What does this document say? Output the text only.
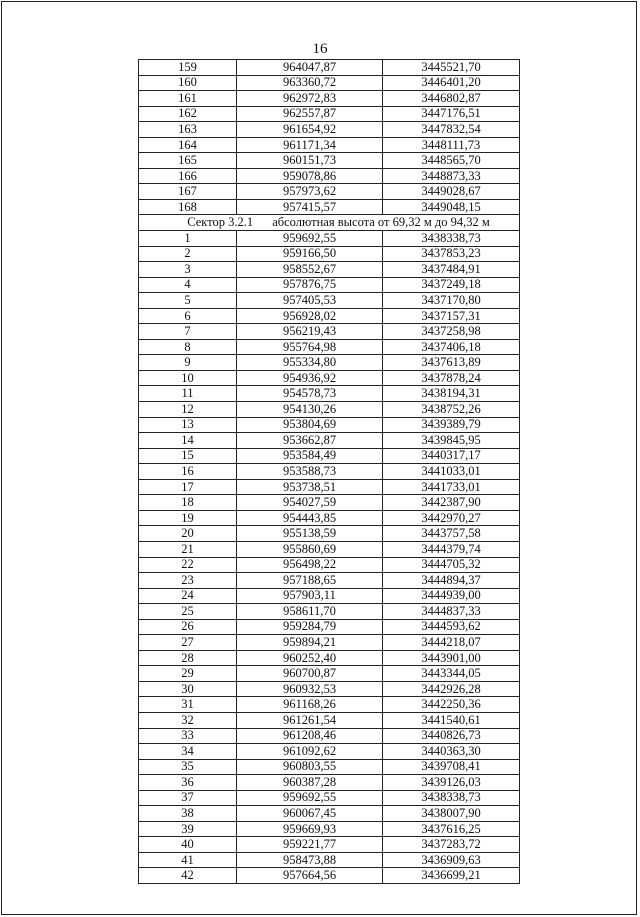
16
159	964047,87	3445521,70
160	963360,72	3446401,20
161	962972,83	3446802,87
162	962557,87	3447176,51
163	961654,92	3447832,54
164	961171,34	3448111,73
165	960151,73	3448565,70
166	959078,86	3448873,33
167	957973,62	3449028,67
168	957415,57	3449048,15
Сектор 3.2.1 абсолютная высота от 69,32 м до 94,32 м		
1	959692,55	3438338,73
2	959166,50	3437853,23
3	958552,67	3437484,91
4	957876,75	3437249,18
5	957405,53	3437170,80
6	956928,02	3437157,31
7	956219,43	3437258,98
8	955764,98	3437406,18
9	955334,80	3437613,89
10	954936,92	3437878,24
11	954578,73	3438194,31
12	954130,26	3438752,26
13	953804,69	3439389,79
14	953662,87	3439845,95
15	953584,49	3440317,17
16	953588,73	3441033,01
17	953738,51	3441733,01
18	954027,59	3442387,90
19	954443,85	3442970,27
20	955138,59	3443757,58
21	955860,69	3444379,74
22	956498,22	3444705,32
23	957188,65	3444894,37
24	957903,11	3444939,00
25	958611,70	3444837,33
26	959284,79	3444593,62
27	959894,21	3444218,07
28	960252,40	3443901,00
29	960700,87	3443344,05
30	960932,53	3442926,28
31	961168,26	3442250,36
32	961261,54	3441540,61
33	961208,46	3440826,73
34	961092,62	3440363,30
35	960803,55	3439708,41
36	960387,28	3439126,03
37	959692,55	3438338,73
38	960067,45	3438007,90
39	959669,93	3437616,25
40	959221,77	3437283,72
41	958473,88	3436909,63
42	957664,56	3436699,21
